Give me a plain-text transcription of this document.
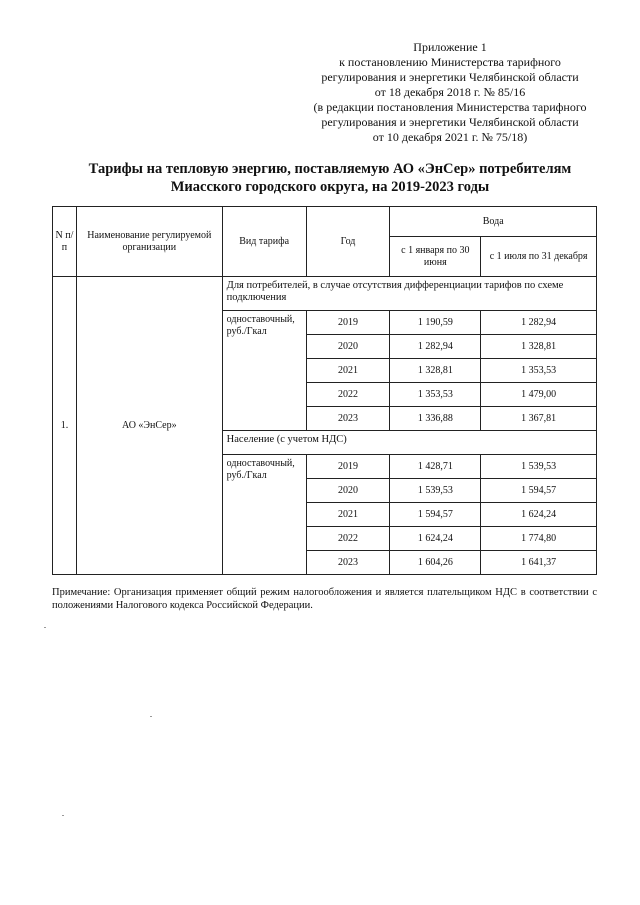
Приложение 1
к постановлению Министерства тарифного
регулирования и энергетики Челябинской области
от 18 декабря 2018 г. № 85/16
(в редакции постановления Министерства тарифного
регулирования и энергетики Челябинской области
от 10 декабря 2021 г. № 75/18)
Тарифы на тепловую энергию, поставляемую АО «ЭнСер» потребителям
Миасского городского округа, на 2019-2023 годы
N п/п	Наименование регулируемой организации	Вид тарифа	Год	Вода	
				с 1 января по 30 июня	с 1 июля по 31 декабря
1.	АО «ЭнСер»	Для потребителей, в случае отсутствия дифференциации тарифов по схеме подключения			
		одноставочный, руб./Гкал	2019	1 190,59	1 282,94
			2020	1 282,94	1 328,81
			2021	1 328,81	1 353,53
			2022	1 353,53	1 479,00
			2023	1 336,88	1 367,81
		Население (с учетом НДС)			
		одноставочный, руб./Гкал	2019	1 428,71	1 539,53
			2020	1 539,53	1 594,57
			2021	1 594,57	1 624,24
			2022	1 624,24	1 774,80
			2023	1 604,26	1 641,37
Примечание: Организация применяет общий режим налогообложения и является плательщиком НДС в соответствии с положениями Налогового кодекса Российской Федерации.
